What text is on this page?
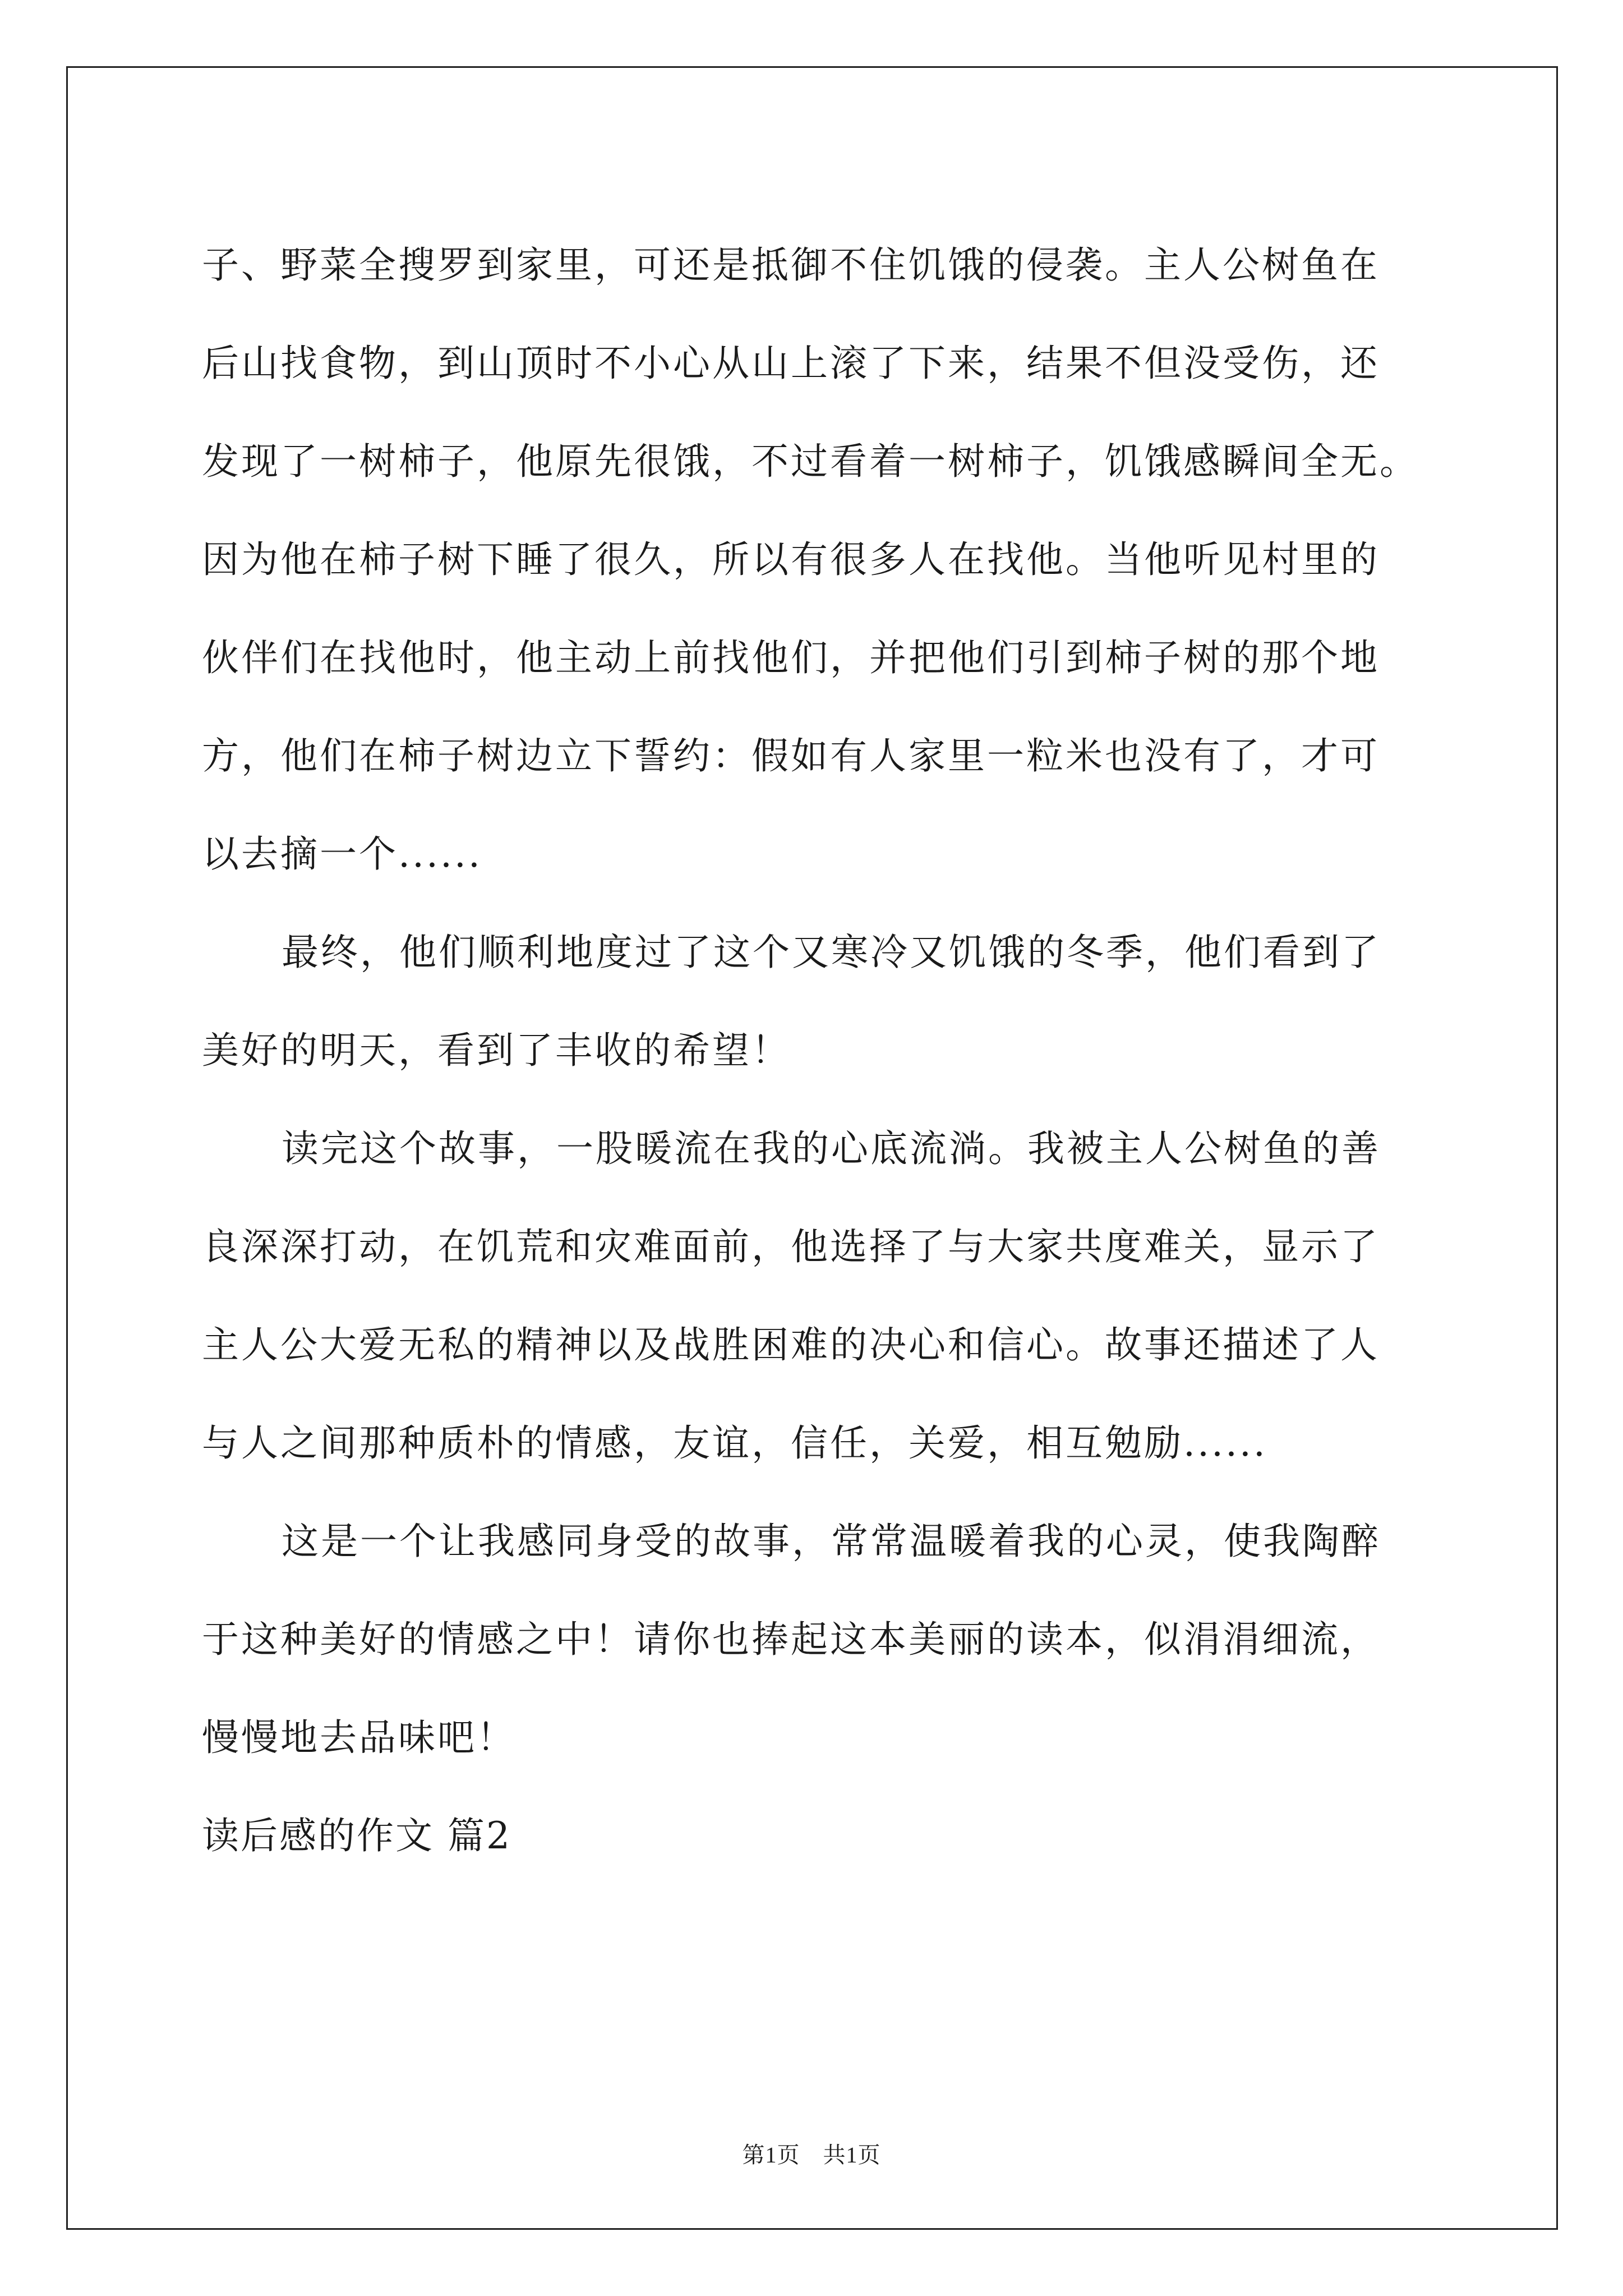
子、野菜全搜罗到家里，可还是抵御不住饥饿的侵袭。主人公树鱼在
后山找食物，到山顶时不小心从山上滚了下来，结果不但没受伤，还
发现了一树柿子，他原先很饿，不过看着一树柿子，饥饿感瞬间全无。
因为他在柿子树下睡了很久，所以有很多人在找他。当他听见村里的
伙伴们在找他时，他主动上前找他们，并把他们引到柿子树的那个地
方，他们在柿子树边立下誓约：假如有人家里一粒米也没有了，才可
以去摘一个......
最终，他们顺利地度过了这个又寒冷又饥饿的冬季，他们看到了
美好的明天，看到了丰收的希望！
读完这个故事，一股暖流在我的心底流淌。我被主人公树鱼的善
良深深打动，在饥荒和灾难面前，他选择了与大家共度难关，显示了
主人公大爱无私的精神以及战胜困难的决心和信心。故事还描述了人
与人之间那种质朴的情感，友谊，信任，关爱，相互勉励......
这是一个让我感同身受的故事，常常温暖着我的心灵，使我陶醉
于这种美好的情感之中！请你也捧起这本美丽的读本，似涓涓细流，
慢慢地去品味吧！
读后感的作文 篇2
第1页　共1页
